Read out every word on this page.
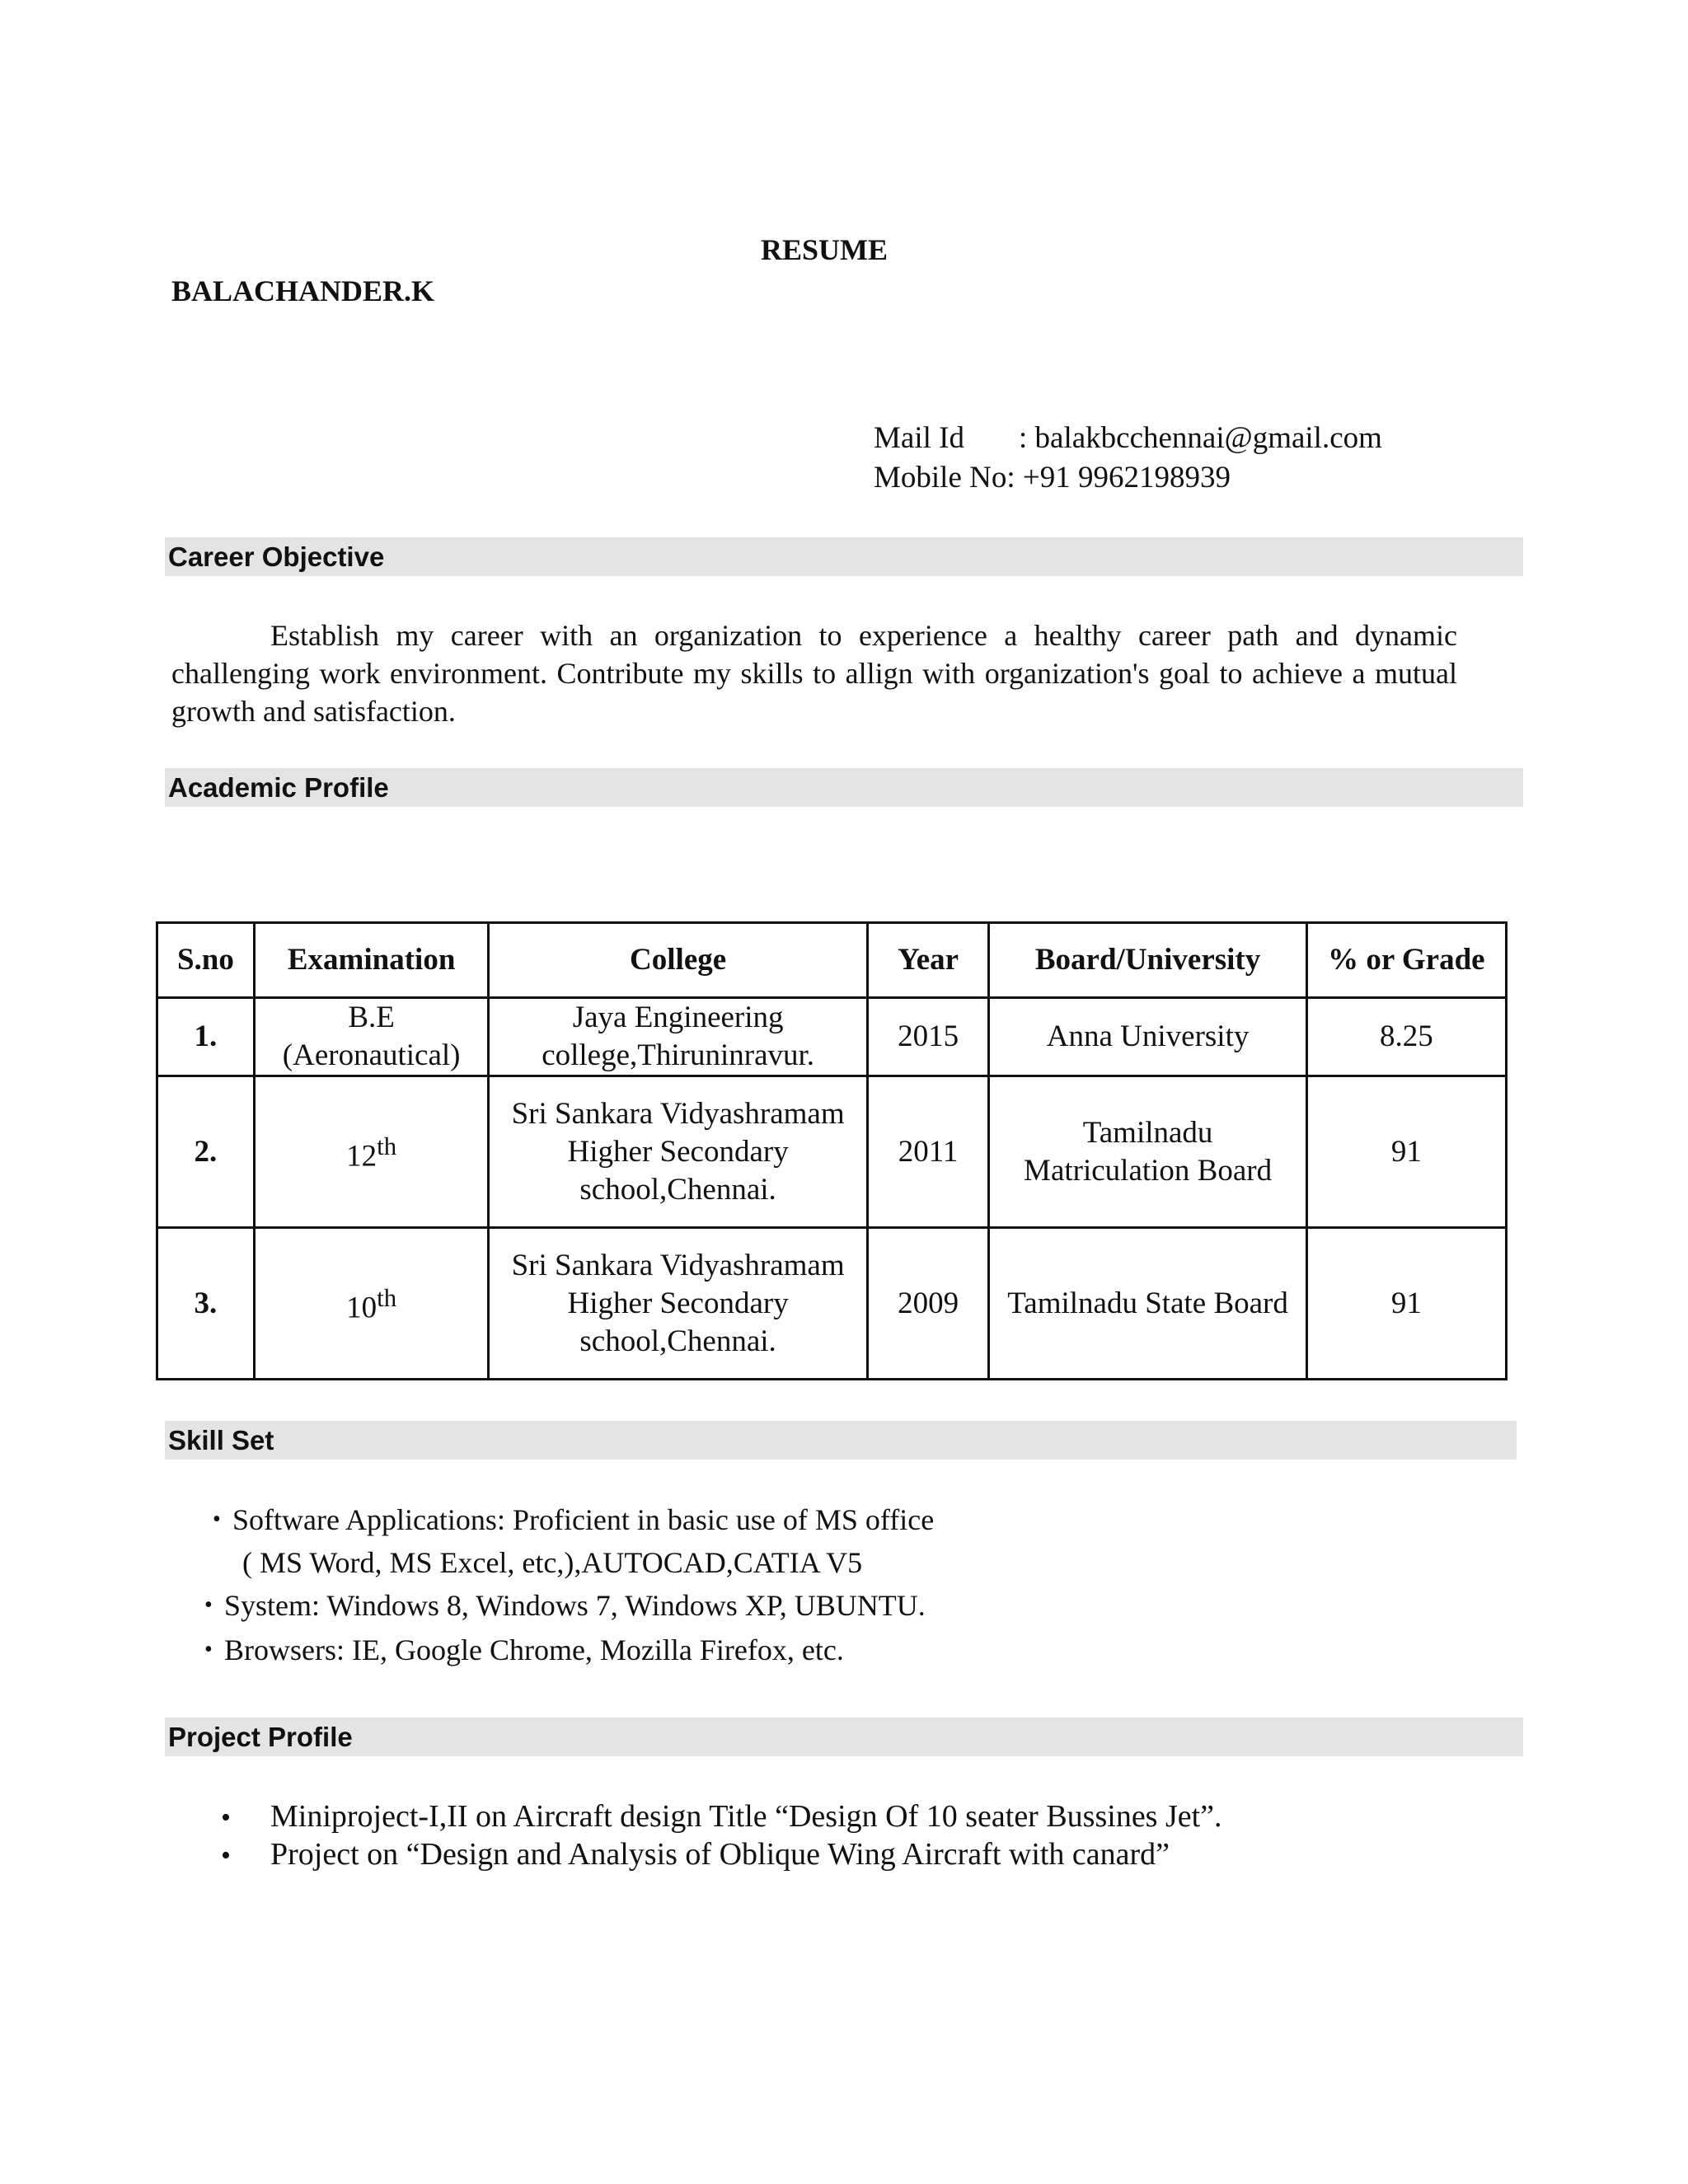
RESUME
BALACHANDER.K
Mail Id : balakbcchennai@gmail.com
Mobile No: +91 9962198939
Career Objective
Establish my career with an organization to experience a healthy career path and dynamic challenging work environment. Contribute my skills to allign with organization's goal to achieve a mutual growth and satisfaction.
Academic Profile
S.no	Examination	College	Year	Board/University	% or Grade
1.	B.E (Aeronautical)	Jaya Engineering college,Thiruninravur.	2015	Anna University	8.25
2.	12th	Sri Sankara Vidyashramam Higher Secondary school,Chennai.	2011	Tamilnadu Matriculation Board	91
3.	10th	Sri Sankara Vidyashramam Higher Secondary school,Chennai.	2009	Tamilnadu State Board	91
Skill Set
• Software Applications: Proficient in basic use of MS office
( MS Word, MS Excel, etc,),AUTOCAD,CATIA V5
• System: Windows 8, Windows 7, Windows XP, UBUNTU.
• Browsers: IE, Google Chrome, Mozilla Firefox, etc.
Project Profile
• Miniproject-I,II on Aircraft design Title “Design Of 10 seater Bussines Jet”.
• Project on “Design and Analysis of Oblique Wing Aircraft with canard”
